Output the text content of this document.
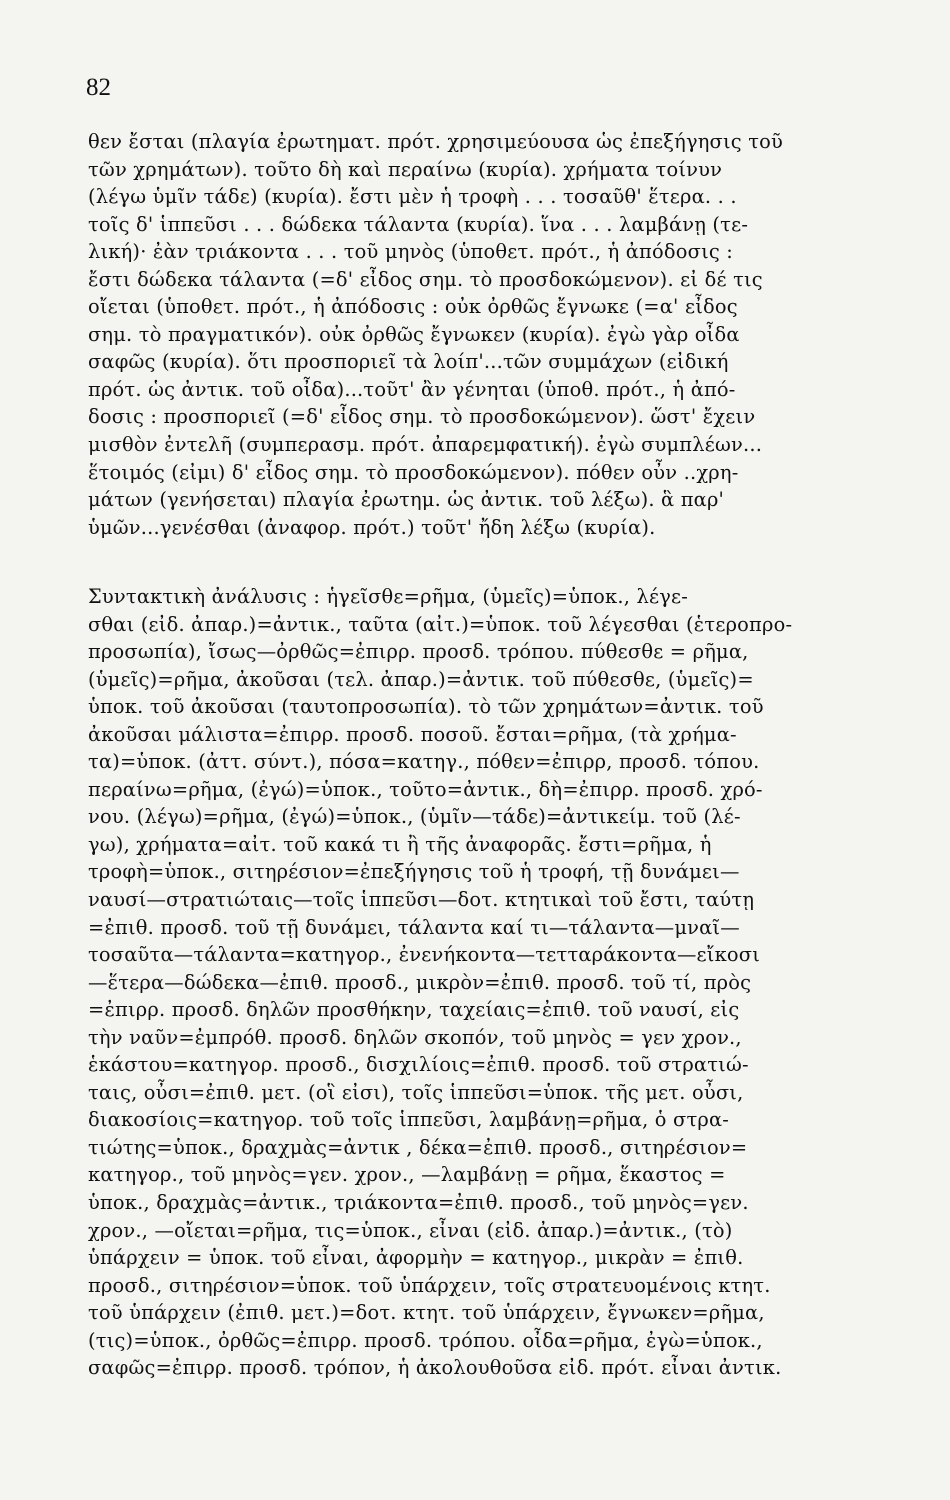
82
θεν ἔσται (πλαγία ἐρωτηματ. πρότ. χρησιμεύουσα ὡς ἐπεξήγησις τοῦ
τῶν χρημάτων). τοῦτο δὴ καὶ περαίνω (κυρία). χρήματα τοίνυν
(λέγω ὑμῖν τάδε) (κυρία). ἔστι μὲν ἡ τροφὴ . . . τοσαῦθ' ἕτερα. . .
τοῖς δ' ἱππεῦσι . . . δώδεκα τάλαντα (κυρία). ἵνα . . . λαμβάνῃ (τε-
λική)· ἐὰν τριάκοντα . . . τοῦ μηνὸς (ὑποθετ. πρότ., ἡ ἀπόδοσις :
ἔστι δώδεκα τάλαντα (=δ' εἶδος σημ. τὸ προσδοκώμενον). εἰ δέ τις
οἴεται (ὑποθετ. πρότ., ἡ ἀπόδοσις : οὐκ ὀρθῶς ἔγνωκε (=α' εἶδος
σημ. τὸ πραγματικόν). οὐκ ὀρθῶς ἔγνωκεν (κυρία). ἐγὼ γὰρ οἶδα
σαφῶς (κυρία). ὅτι προσποριεῖ τὰ λοίπ'...τῶν συμμάχων (εἰδική
πρότ. ὡς ἀντικ. τοῦ οἶδα)...τοῦτ' ἂν γένηται (ὑποθ. πρότ., ἡ ἀπό-
δοσις : προσποριεῖ (=δ' εἶδος σημ. τὸ προσδοκώμενον). ὥστ' ἔχειν
μισθὸν ἐντελῆ (συμπερασμ. πρότ. ἀπαρεμφατική). ἐγὼ συμπλέων...
ἕτοιμός (εἰμι) δ' εἶδος σημ. τὸ προσδοκώμενον). πόθεν οὖν ..χρη-
μάτων (γενήσεται) πλαγία ἐρωτημ. ὡς ἀντικ. τοῦ λέξω). ἃ παρ'
ὑμῶν...γενέσθαι (ἀναφορ. πρότ.) τοῦτ' ἤδη λέξω (κυρία).
Συντακτικὴ ἀνάλυσις : ἡγεῖσθε=ρῆμα, (ὑμεῖς)=ὑποκ., λέγε-
σθαι (εἰδ. ἀπαρ.)=ἀντικ., ταῦτα (αἰτ.)=ὑποκ. τοῦ λέγεσθαι (ἑτεροπρο-
προσωπία), ἴσως—ὀρθῶς=ἐπιρρ. προσδ. τρόπου. πύθεσθε = ρῆμα,
(ὑμεῖς)=ρῆμα, ἀκοῦσαι (τελ. ἀπαρ.)=ἀντικ. τοῦ πύθεσθε, (ὑμεῖς)=
ὑποκ. τοῦ ἀκοῦσαι (ταυτοπροσωπία). τὸ τῶν χρημάτων=ἀντικ. τοῦ
ἀκοῦσαι μάλιστα=ἐπιρρ. προσδ. ποσοῦ. ἔσται=ρῆμα, (τὰ χρήμα-
τα)=ὑποκ. (ἀττ. σύντ.), πόσα=κατηγ., πόθεν=ἐπιρρ, προσδ. τόπου.
περαίνω=ρῆμα, (ἐγώ)=ὑποκ., τοῦτο=ἀντικ., δὴ=ἐπιρρ. προσδ. χρό-
νου. (λέγω)=ρῆμα, (ἐγώ)=ὑποκ., (ὑμῖν—τάδε)=ἀντικείμ. τοῦ (λέ-
γω), χρήματα=αἰτ. τοῦ κακά τι ἢ τῆς ἀναφορᾶς. ἔστι=ρῆμα, ἡ
τροφὴ=ὑποκ., σιτηρέσιον=ἐπεξήγησις τοῦ ἡ τροφή, τῇ δυνάμει—
ναυσί—στρατιώταις—τοῖς ἱππεῦσι—δοτ. κτητικαὶ τοῦ ἔστι, ταύτῃ
=ἐπιθ. προσδ. τοῦ τῇ δυνάμει, τάλαντα καί τι—τάλαντα—μναῖ—
τοσαῦτα—τάλαντα=κατηγορ., ἐνενήκοντα—τετταράκοντα—εἴκοσι
—ἕτερα—δώδεκα—ἐπιθ. προσδ., μικρὸν=ἐπιθ. προσδ. τοῦ τί, πρὸς
=ἐπιρρ. προσδ. δηλῶν προσθήκην, ταχείαις=ἐπιθ. τοῦ ναυσί, εἰς
τὴν ναῦν=ἐμπρόθ. προσδ. δηλῶν σκοπόν, τοῦ μηνὸς = γεν χρον.,
ἑκάστου=κατηγορ. προσδ., δισχιλίοις=ἐπιθ. προσδ. τοῦ στρατιώ-
ταις, οὖσι=ἐπιθ. μετ. (οἳ εἰσι), τοῖς ἱππεῦσι=ὑποκ. τῆς μετ. οὖσι,
διακοσίοις=κατηγορ. τοῦ τοῖς ἱππεῦσι, λαμβάνῃ=ρῆμα, ὁ στρα-
τιώτης=ὑποκ., δραχμὰς=ἀντικ , δέκα=ἐπιθ. προσδ., σιτηρέσιον=
κατηγορ., τοῦ μηνὸς=γεν. χρον., —λαμβάνῃ = ρῆμα, ἕκαστος =
ὑποκ., δραχμὰς=ἀντικ., τριάκοντα=ἐπιθ. προσδ., τοῦ μηνὸς=γεν.
χρον., —οἴεται=ρῆμα, τις=ὑποκ., εἶναι (εἰδ. ἀπαρ.)=ἀντικ., (τὸ)
ὑπάρχειν = ὑποκ. τοῦ εἶναι, ἀφορμὴν = κατηγορ., μικρὰν = ἐπιθ.
προσδ., σιτηρέσιον=ὑποκ. τοῦ ὑπάρχειν, τοῖς στρατευομένοις κτητ.
τοῦ ὑπάρχειν (ἐπιθ. μετ.)=δοτ. κτητ. τοῦ ὑπάρχειν, ἔγνωκεν=ρῆμα,
(τις)=ὑποκ., ὀρθῶς=ἐπιρρ. προσδ. τρόπου. οἶδα=ρῆμα, ἐγὼ=ὑποκ.,
σαφῶς=ἐπιρρ. προσδ. τρόπον, ἡ ἀκολουθοῦσα εἰδ. πρότ. εἶναι ἀντικ.
